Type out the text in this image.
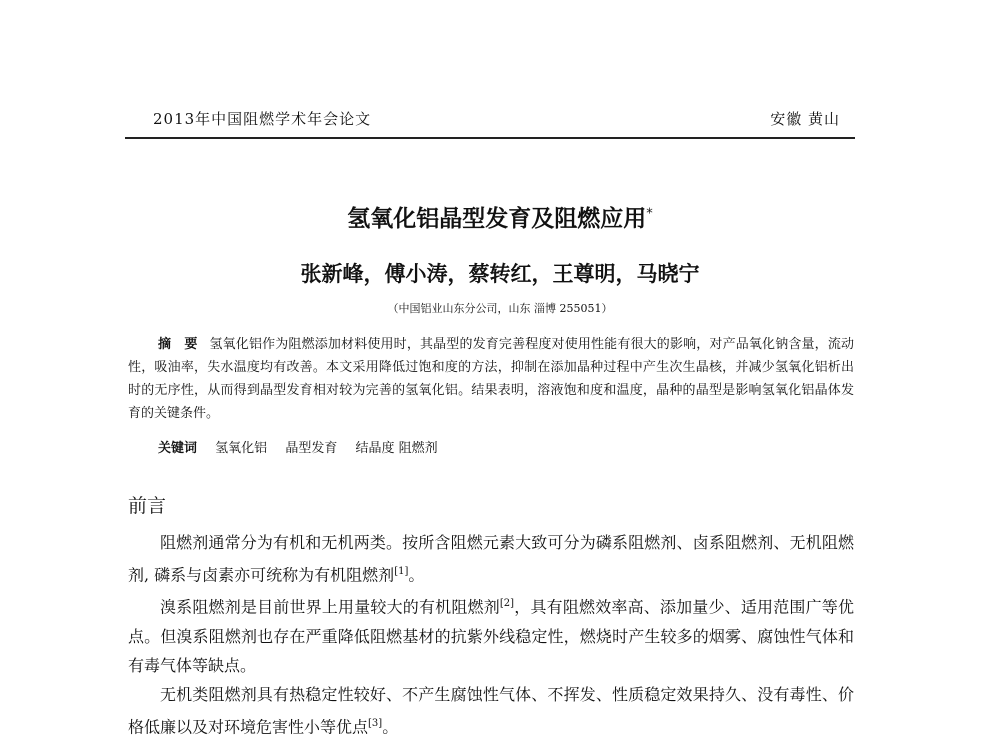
2013年中国阻燃学术年会论文	安徽 黄山
氢氧化铝晶型发育及阻燃应用*
张新峰，傅小涛，蔡转红，王尊明，马晓宁
（中国铝业山东分公司，山东 淄博 255051）
摘　要 氢氧化铝作为阻燃添加材料使用时，其晶型的发育完善程度对使用性能有很大的影响，对产品氧化钠含量，流动性，吸油率，失水温度均有改善。本文采用降低过饱和度的方法，抑制在添加晶种过程中产生次生晶核，并减少氢氧化铝析出时的无序性，从而得到晶型发育相对较为完善的氢氧化铝。结果表明，溶液饱和度和温度，晶种的晶型是影响氢氧化铝晶体发育的关键条件。
关键词 氢氧化铝 晶型发育 结晶度 阻燃剂
前言

阻燃剂通常分为有机和无机两类。按所含阻燃元素大致可分为磷系阻燃剂、卤系阻燃剂、无机阻燃剂, 磷系与卤素亦可统称为有机阻燃剂[1]。

溴系阻燃剂是目前世界上用量较大的有机阻燃剂[2]，具有阻燃效率高、添加量少、适用范围广等优点。但溴系阻燃剂也存在严重降低阻燃基材的抗紫外线稳定性，燃烧时产生较多的烟雾、腐蚀性气体和有毒气体等缺点。

无机类阻燃剂具有热稳定性较好、不产生腐蚀性气体、不挥发、性质稳定效果持久、没有毒性、价格低廉以及对环境危害性小等优点[3]。
